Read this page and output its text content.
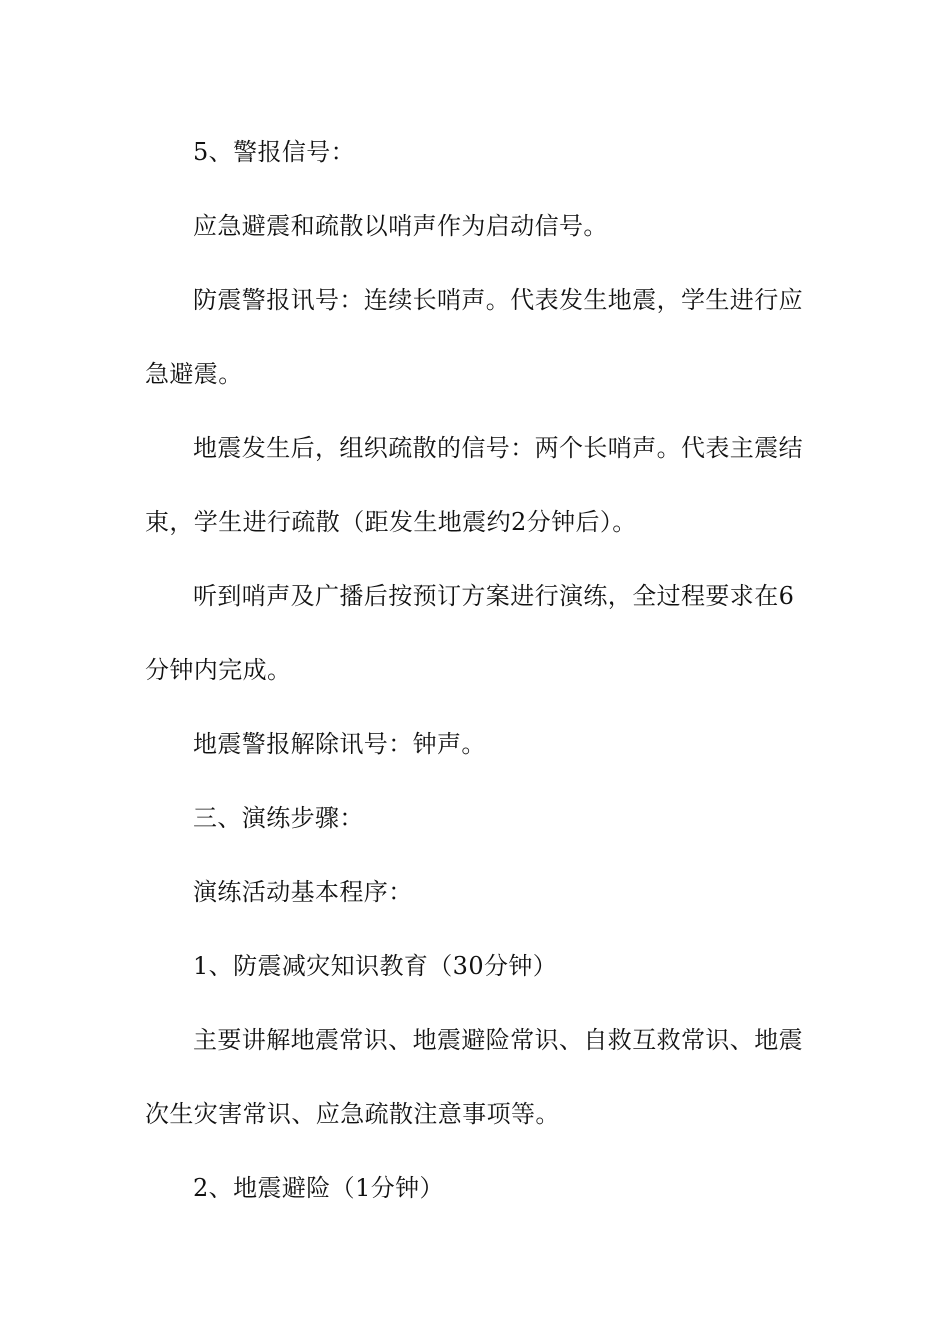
5、警报信号：

应急避震和疏散以哨声作为启动信号。

防震警报讯号：连续长哨声。代表发生地震，学生进行应急避震。

地震发生后，组织疏散的信号：两个长哨声。代表主震结束，学生进行疏散（距发生地震约2分钟后）。

听到哨声及广播后按预订方案进行演练，全过程要求在6分钟内完成。

地震警报解除讯号：钟声。

三、演练步骤：

演练活动基本程序：

1、防震减灾知识教育（30分钟）

主要讲解地震常识、地震避险常识、自救互救常识、地震次生灾害常识、应急疏散注意事项等。

2、地震避险（1分钟）
